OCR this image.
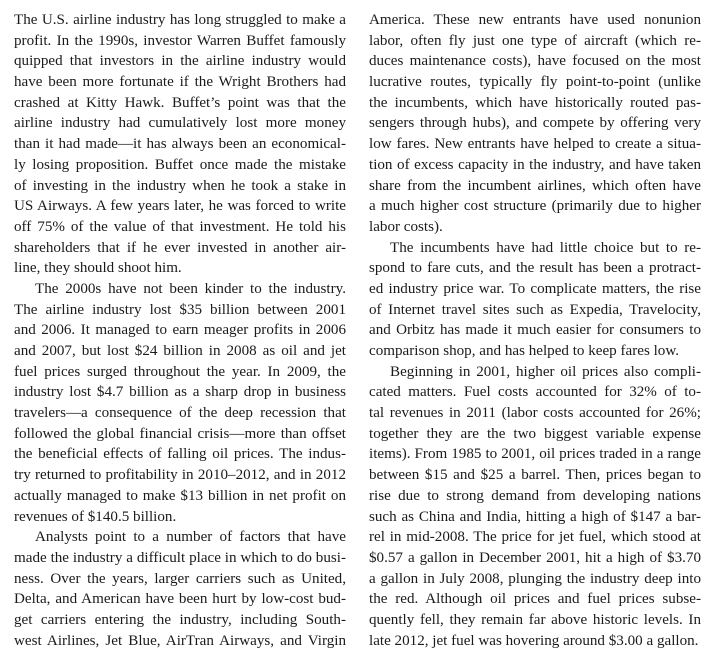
The U.S. airline industry has long struggled to make a
profit. In the 1990s, investor Warren Buffet famously
quipped that investors in the airline industry would
have been more fortunate if the Wright Brothers had
crashed at Kitty Hawk. Buffet’s point was that the
airline industry had cumulatively lost more money
than it had made—it has always been an economical-
ly losing proposition. Buffet once made the mistake
of investing in the industry when he took a stake in
US Airways. A few years later, he was forced to write
off 75% of the value of that investment. He told his
shareholders that if he ever invested in another air-
line, they should shoot him.
The 2000s have not been kinder to the industry.
The airline industry lost $35 billion between 2001
and 2006. It managed to earn meager profits in 2006
and 2007, but lost $24 billion in 2008 as oil and jet
fuel prices surged throughout the year. In 2009, the
industry lost $4.7 billion as a sharp drop in business
travelers—a consequence of the deep recession that
followed the global financial crisis—more than offset
the beneficial effects of falling oil prices. The indus-
try returned to profitability in 2010–2012, and in 2012
actually managed to make $13 billion in net profit on
revenues of $140.5 billion.
Analysts point to a number of factors that have
made the industry a difficult place in which to do busi-
ness. Over the years, larger carriers such as United,
Delta, and American have been hurt by low-cost bud-
get carriers entering the industry, including South-
west Airlines, Jet Blue, AirTran Airways, and Virgin
America. These new entrants have used nonunion
labor, often fly just one type of aircraft (which re-
duces maintenance costs), have focused on the most
lucrative routes, typically fly point-to-point (unlike
the incumbents, which have historically routed pas-
sengers through hubs), and compete by offering very
low fares. New entrants have helped to create a situa-
tion of excess capacity in the industry, and have taken
share from the incumbent airlines, which often have
a much higher cost structure (primarily due to higher
labor costs).
The incumbents have had little choice but to re-
spond to fare cuts, and the result has been a protract-
ed industry price war. To complicate matters, the rise
of Internet travel sites such as Expedia, Travelocity,
and Orbitz has made it much easier for consumers to
comparison shop, and has helped to keep fares low.
Beginning in 2001, higher oil prices also compli-
cated matters. Fuel costs accounted for 32% of to-
tal revenues in 2011 (labor costs accounted for 26%;
together they are the two biggest variable expense
items). From 1985 to 2001, oil prices traded in a range
between $15 and $25 a barrel. Then, prices began to
rise due to strong demand from developing nations
such as China and India, hitting a high of $147 a bar-
rel in mid-2008. The price for jet fuel, which stood at
$0.57 a gallon in December 2001, hit a high of $3.70
a gallon in July 2008, plunging the industry deep into
the red. Although oil prices and fuel prices subse-
quently fell, they remain far above historic levels. In
late 2012, jet fuel was hovering around $3.00 a gallon.
